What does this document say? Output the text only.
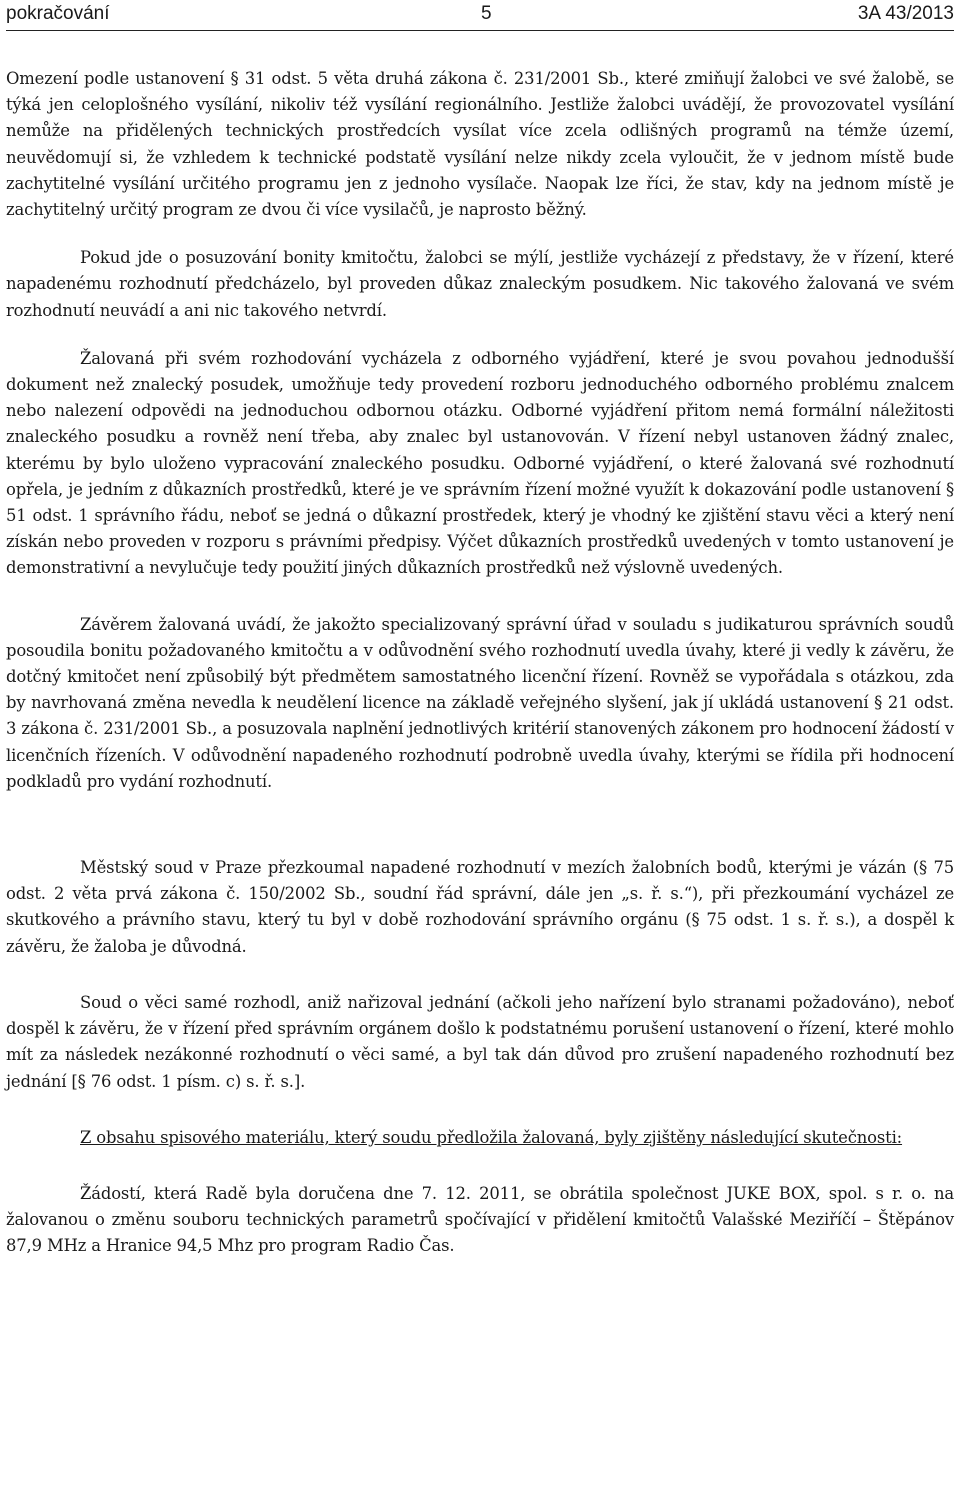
pokračování	5	3A 43/2013

Omezení podle ustanovení § 31 odst. 5 věta druhá zákona č. 231/2001 Sb., které zmiňují žalobci ve své žalobě, se týká jen celoplošného vysílání, nikoliv též vysílání regionálního. Jestliže žalobci uvádějí, že provozovatel vysílání nemůže na přidělených technických prostředcích vysílat více zcela odlišných programů na témže území, neuvědomují si, že vzhledem k technické podstatě vysílání nelze nikdy zcela vyloučit, že v jednom místě bude zachytitelné vysílání určitého programu jen z jednoho vysílače. Naopak lze říci, že stav, kdy na jednom místě je zachytitelný určitý program ze dvou či více vysilačů, je naprosto běžný.

Pokud jde o posuzování bonity kmitočtu, žalobci se mýlí, jestliže vycházejí z představy, že v řízení, které napadenému rozhodnutí předcházelo, byl proveden důkaz znaleckým posudkem. Nic takového žalovaná ve svém rozhodnutí neuvádí a ani nic takového netvrdí.

Žalovaná při svém rozhodování vycházela z odborného vyjádření, které je svou povahou jednodušší dokument než znalecký posudek, umožňuje tedy provedení rozboru jednoduchého odborného problému znalcem nebo nalezení odpovědi na jednoduchou odbornou otázku. Odborné vyjádření přitom nemá formální náležitosti znaleckého posudku a rovněž není třeba, aby znalec byl ustanovován. V řízení nebyl ustanoven žádný znalec, kterému by bylo uloženo vypracování znaleckého posudku. Odborné vyjádření, o které žalovaná své rozhodnutí opřela, je jedním z důkazních prostředků, které je ve správním řízení možné využít k dokazování podle ustanovení § 51 odst. 1 správního řádu, neboť se jedná o důkazní prostředek, který je vhodný ke zjištění stavu věci a který není získán nebo proveden v rozporu s právními předpisy. Výčet důkazních prostředků uvedených v tomto ustanovení je demonstrativní a nevylučuje tedy použití jiných důkazních prostředků než výslovně uvedených.

Závěrem žalovaná uvádí, že jakožto specializovaný správní úřad v souladu s judikaturou správních soudů posoudila bonitu požadovaného kmitočtu a v odůvodnění svého rozhodnutí uvedla úvahy, které ji vedly k závěru, že dotčný kmitočet není způsobilý být předmětem samostatného licenční řízení. Rovněž se vypořádala s otázkou, zda by navrhovaná změna nevedla k neudělení licence na základě veřejného slyšení, jak jí ukládá ustanovení § 21 odst. 3 zákona č. 231/2001 Sb., a posuzovala naplnění jednotlivých kritérií stanovených zákonem pro hodnocení žádostí v licenčních řízeních. V odůvodnění napadeného rozhodnutí podrobně uvedla úvahy, kterými se řídila při hodnocení podkladů pro vydání rozhodnutí.

Městský soud v Praze přezkoumal napadené rozhodnutí v mezích žalobních bodů, kterými je vázán (§ 75 odst. 2 věta prvá zákona č. 150/2002 Sb., soudní řád správní, dále jen „s. ř. s.“), při přezkoumání vycházel ze skutkového a právního stavu, který tu byl v době rozhodování správního orgánu (§ 75 odst. 1 s. ř. s.), a dospěl k závěru, že žaloba je důvodná.

Soud o věci samé rozhodl, aniž nařizoval jednání (ačkoli jeho nařízení bylo stranami požadováno), neboť dospěl k závěru, že v řízení před správním orgánem došlo k podstatnému porušení ustanovení o řízení, které mohlo mít za následek nezákonné rozhodnutí o věci samé, a byl tak dán důvod pro zrušení napadeného rozhodnutí bez jednání [§ 76 odst. 1 písm. c) s. ř. s.].

Z obsahu spisového materiálu, který soudu předložila žalovaná, byly zjištěny následující skutečnosti:

Žádostí, která Radě byla doručena dne 7. 12. 2011, se obrátila společnost JUKE BOX, spol. s r. o. na žalovanou o změnu souboru technických parametrů spočívající v přidělení kmitočtů Valašské Meziříčí – Štěpánov 87,9 MHz a Hranice 94,5 Mhz pro program Radio Čas.
